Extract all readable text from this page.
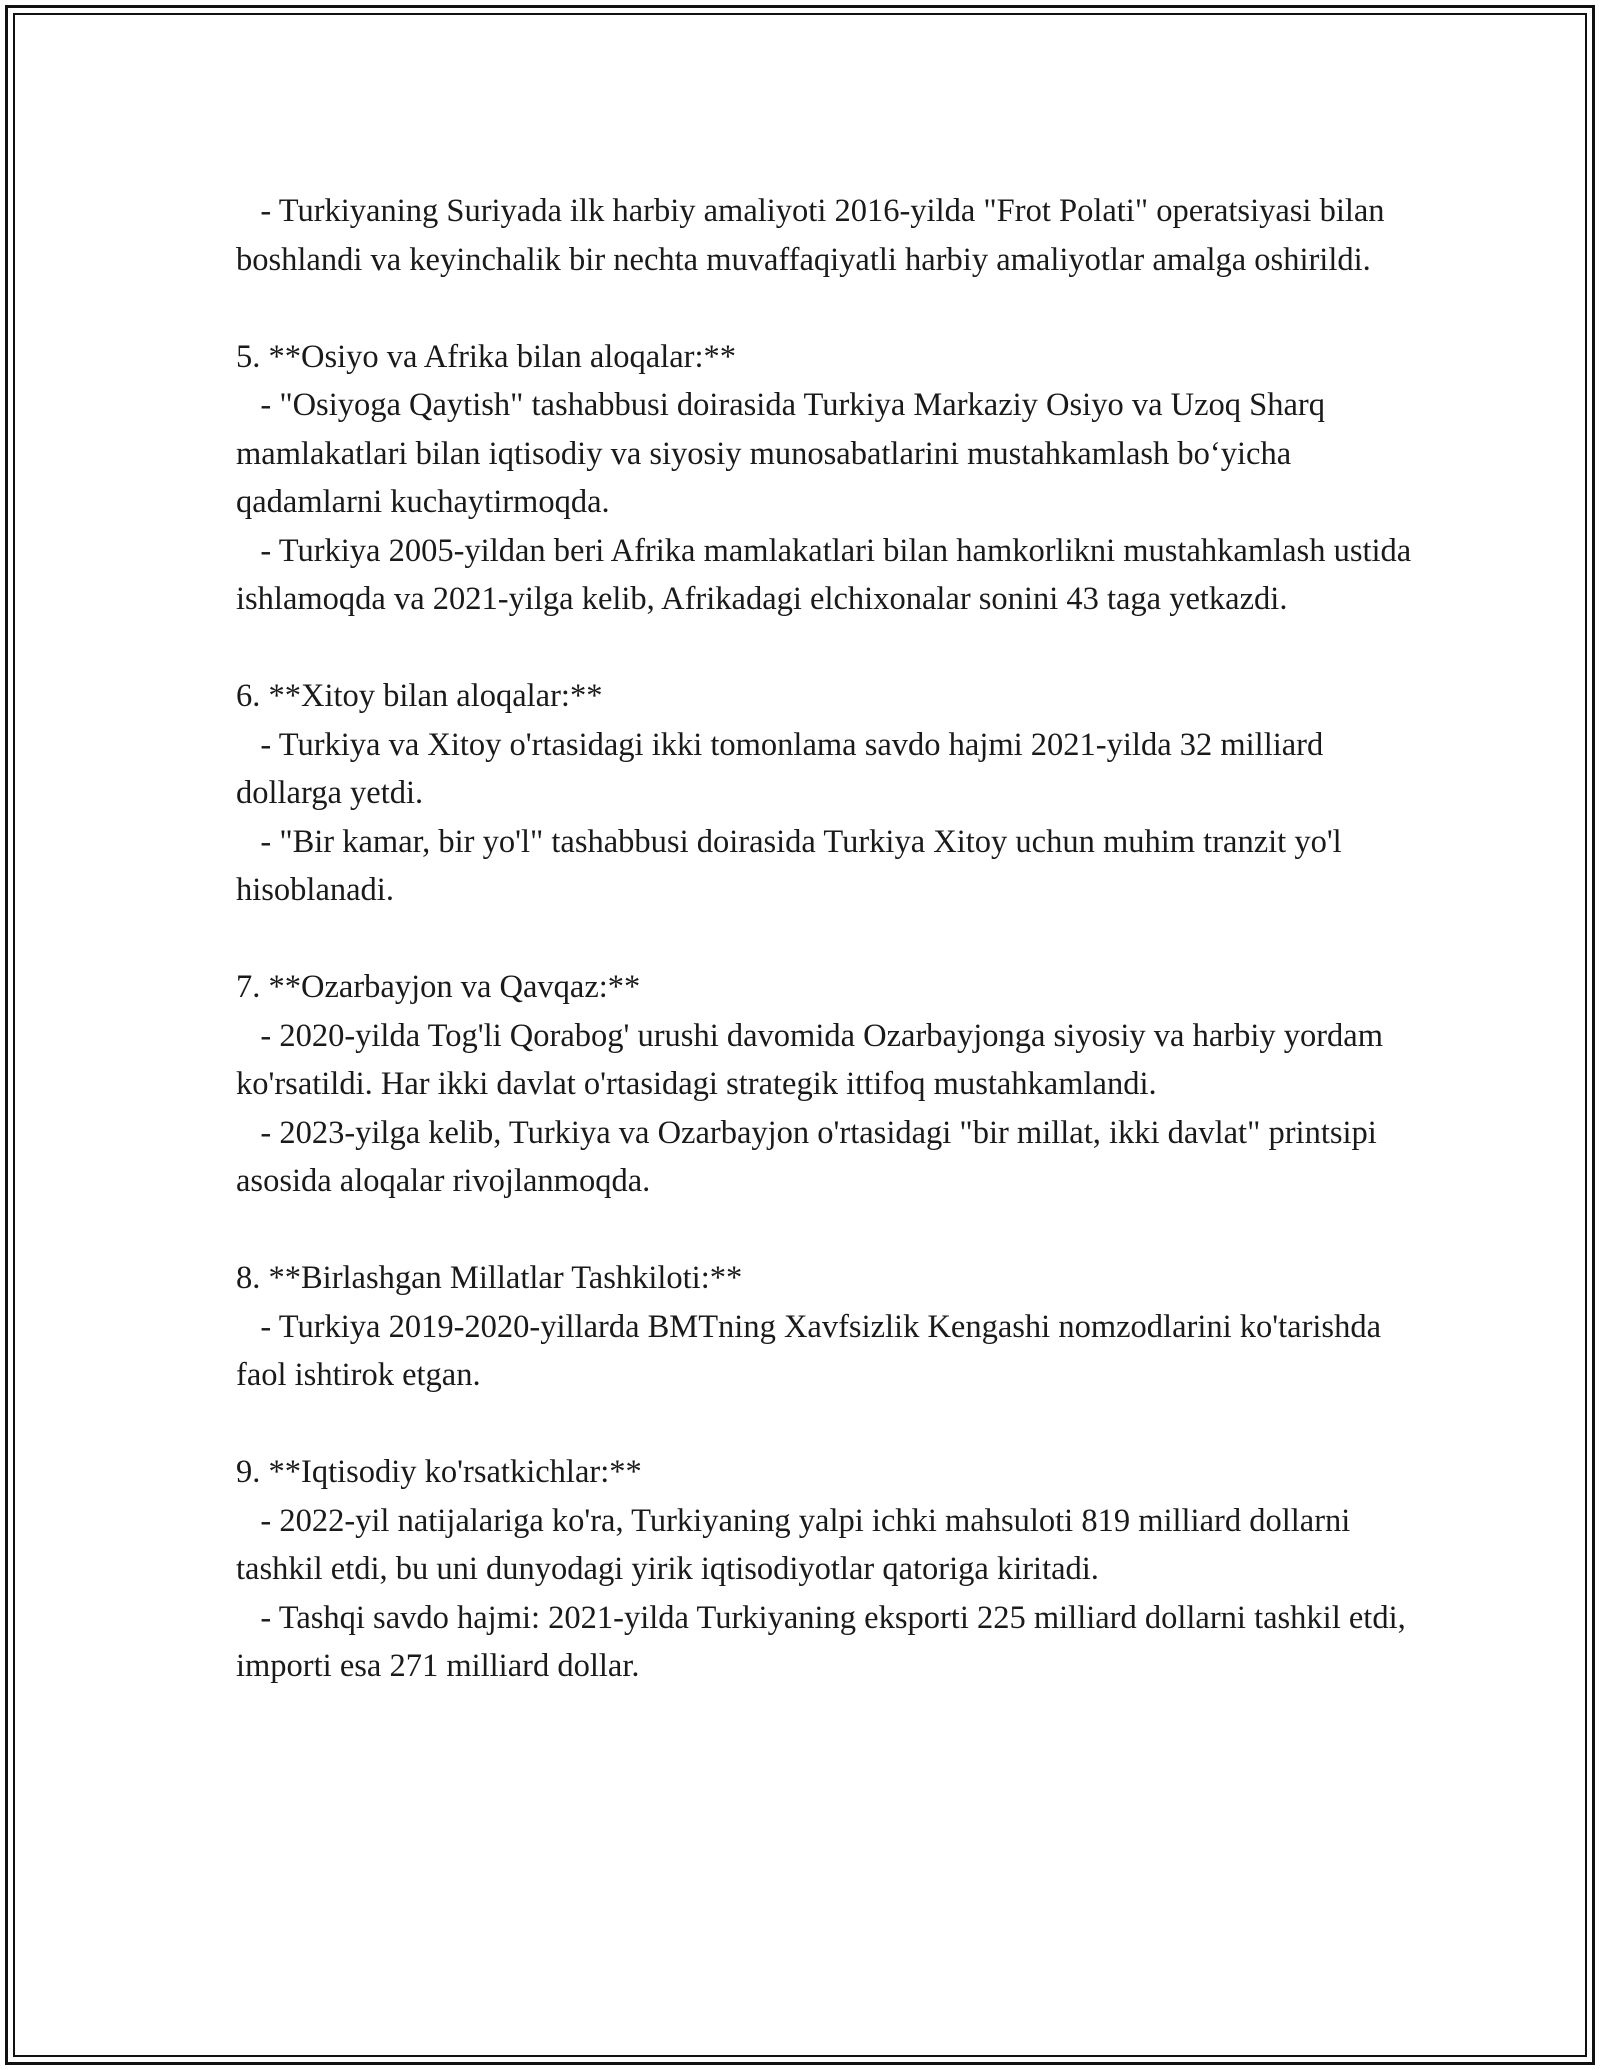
- Turkiyaning Suriyada ilk harbiy amaliyoti 2016-yilda "Frot Polati" operatsiyasi bilan boshlandi va keyinchalik bir nechta muvaffaqiyatli harbiy amaliyotlar amalga oshirildi.

5. **Osiyo va Afrika bilan aloqalar:**

- "Osiyoga Qaytish" tashabbusi doirasida Turkiya Markaziy Osiyo va Uzoq Sharq mamlakatlari bilan iqtisodiy va siyosiy munosabatlarini mustahkamlash bo‘yicha qadamlarni kuchaytirmoqda.

- Turkiya 2005-yildan beri Afrika mamlakatlari bilan hamkorlikni mustahkamlash ustida ishlamoqda va 2021-yilga kelib, Afrikadagi elchixonalar sonini 43 taga yetkazdi.

6. **Xitoy bilan aloqalar:**

- Turkiya va Xitoy o'rtasidagi ikki tomonlama savdo hajmi 2021-yilda 32 milliard dollarga yetdi.

- "Bir kamar, bir yo'l" tashabbusi doirasida Turkiya Xitoy uchun muhim tranzit yo'l hisoblanadi.

7. **Ozarbayjon va Qavqaz:**

- 2020-yilda Tog'li Qorabog' urushi davomida Ozarbayjonga siyosiy va harbiy yordam ko'rsatildi. Har ikki davlat o'rtasidagi strategik ittifoq mustahkamlandi.

- 2023-yilga kelib, Turkiya va Ozarbayjon o'rtasidagi "bir millat, ikki davlat" printsipi asosida aloqalar rivojlanmoqda.

8. **Birlashgan Millatlar Tashkiloti:**

- Turkiya 2019-2020-yillarda BMTning Xavfsizlik Kengashi nomzodlarini ko'tarishda faol ishtirok etgan.

9. **Iqtisodiy ko'rsatkichlar:**

- 2022-yil natijalariga ko'ra, Turkiyaning yalpi ichki mahsuloti 819 milliard dollarni tashkil etdi, bu uni dunyodagi yirik iqtisodiyotlar qatoriga kiritadi.

- Tashqi savdo hajmi: 2021-yilda Turkiyaning eksporti 225 milliard dollarni tashkil etdi, importi esa 271 milliard dollar.
